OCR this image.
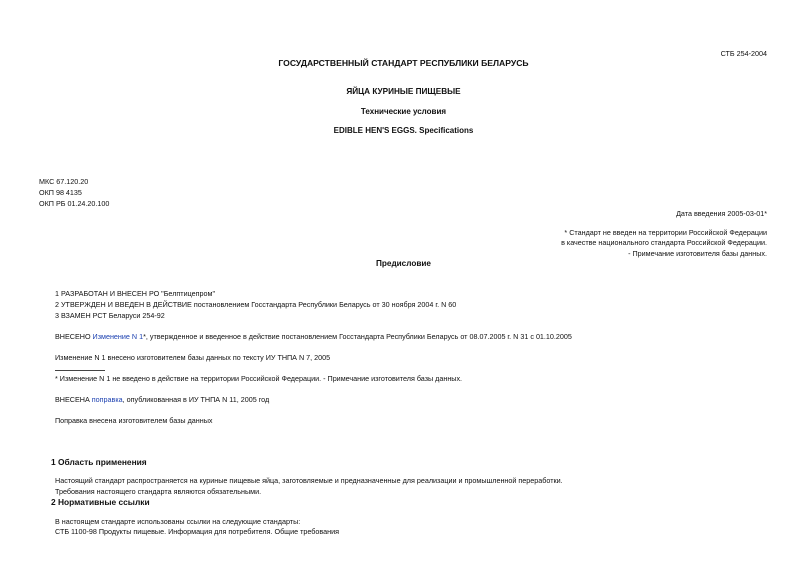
СТБ 254-2004
ГОСУДАРСТВЕННЫЙ СТАНДАРТ РЕСПУБЛИКИ БЕЛАРУСЬ
ЯЙЦА КУРИНЫЕ ПИЩЕВЫЕ
Технические условия
EDIBLE HEN'S EGGS. Specifications
МКС 67.120.20
ОКП 98 4135
ОКП РБ 01.24.20.100
Дата введения 2005-03-01*
* Стандарт не введен на территории Российской Федерации
в качестве национального стандарта Российской Федерации.
- Примечание изготовителя базы данных.
Предисловие
1 РАЗРАБОТАН И ВНЕСЕН РО "Белптицепром"
2 УТВЕРЖДЕН И ВВЕДЕН В ДЕЙСТВИЕ постановлением Госстандарта Республики Беларусь от 30 ноября 2004 г. N 60
3 ВЗАМЕН РСТ Беларуси 254-92
ВНЕСЕНО Изменение N 1*, утвержденное и введенное в действие постановлением Госстандарта Республики Беларусь от 08.07.2005 г. N 31 с 01.10.2005
Изменение N 1 внесено изготовителем базы данных по тексту ИУ ТНПА N 7, 2005
* Изменение N 1 не введено в действие на территории Российской Федерации. - Примечание изготовителя базы данных.
ВНЕСЕНА поправка, опубликованная в ИУ ТНПА N 11, 2005 год
Поправка внесена изготовителем базы данных
1 Область применения
Настоящий стандарт распространяется на куриные пищевые яйца, заготовляемые и предназначенные для реализации и промышленной переработки.
Требования настоящего стандарта являются обязательными.
2 Нормативные ссылки
В настоящем стандарте использованы ссылки на следующие стандарты:
СТБ 1100-98 Продукты пищевые. Информация для потребителя. Общие требования
